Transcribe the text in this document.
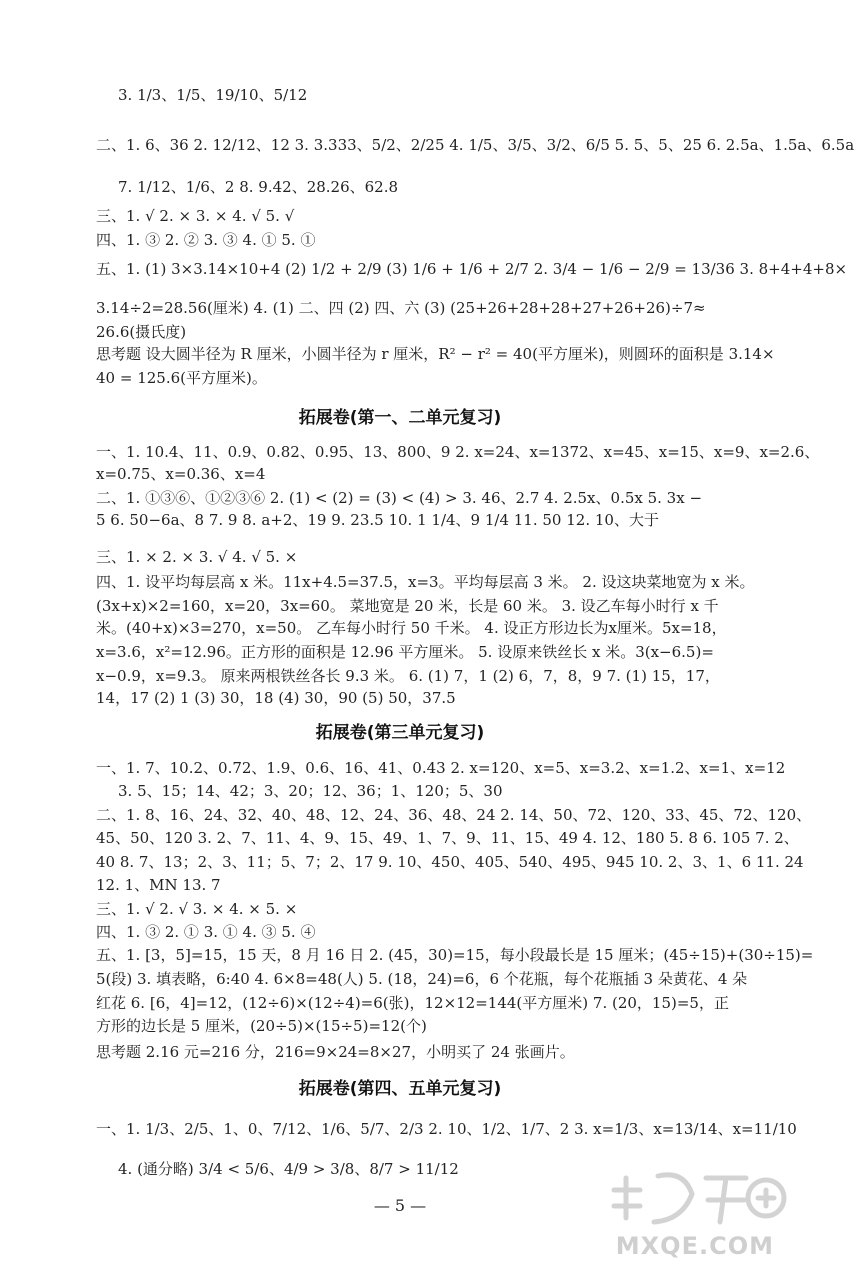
3. 1/3、1/5、19/10、5/12
二、1. 6、36 2. 12/12、12 3. 3.333、5/2、2/25 4. 1/5、3/5、3/2、6/5 5. 5、5、25 6. 2.5a、1.5a、6.5a
7. 1/12、1/6、2 8. 9.42、28.26、62.8
三、1. √ 2. × 3. × 4. √ 5. √
四、1. ③ 2. ② 3. ③ 4. ① 5. ①
五、1. (1) 3×3.14×10+4 (2) 1/2 + 2/9 (3) 1/6 + 1/6 + 2/7 2. 3/4 − 1/6 − 2/9 = 13/36 3. 8+4+4+8×
3.14÷2=28.56(厘米) 4. (1) 二、四 (2) 四、六 (3) (25+26+28+28+27+26+26)÷7≈
26.6(摄氏度)
思考题 设大圆半径为 R 厘米，小圆半径为 r 厘米，R² − r² = 40(平方厘米)，则圆环的面积是 3.14×
40 = 125.6(平方厘米)。
拓展卷(第一、二单元复习)
一、1. 10.4、11、0.9、0.82、0.95、13、800、9 2. x=24、x=1372、x=45、x=15、x=9、x=2.6、
x=0.75、x=0.36、x=4
二、1. ①③⑥、①②③⑥ 2. (1) < (2) = (3) < (4) > 3. 46、2.7 4. 2.5x、0.5x 5. 3x −
5 6. 50−6a、8 7. 9 8. a+2、19 9. 23.5 10. 1 1/4、9 1/4 11. 50 12. 10、大于
三、1. × 2. × 3. √ 4. √ 5. ×
四、1. 设平均每层高 x 米。11x+4.5=37.5，x=3。平均每层高 3 米。 2. 设这块菜地宽为 x 米。
(3x+x)×2=160，x=20，3x=60。 菜地宽是 20 米，长是 60 米。 3. 设乙车每小时行 x 千
米。(40+x)×3=270，x=50。 乙车每小时行 50 千米。 4. 设正方形边长为x厘米。5x=18，
x=3.6，x²=12.96。正方形的面积是 12.96 平方厘米。 5. 设原来铁丝长 x 米。3(x−6.5)=
x−0.9，x=9.3。 原来两根铁丝各长 9.3 米。 6. (1) 7，1 (2) 6，7，8，9 7. (1) 15，17，
14，17 (2) 1 (3) 30，18 (4) 30，90 (5) 50，37.5
拓展卷(第三单元复习)
一、1. 7、10.2、0.72、1.9、0.6、16、41、0.43 2. x=120、x=5、x=3.2、x=1.2、x=1、x=12
3. 5、15；14、42；3、20；12、36；1、120；5、30
二、1. 8、16、24、32、40、48、12、24、36、48、24 2. 14、50、72、120、33、45、72、120、
45、50、120 3. 2、7、11、4、9、15、49、1、7、9、11、15、49 4. 12、180 5. 8 6. 105 7. 2、
40 8. 7、13；2、3、11；5、7；2、17 9. 10、450、405、540、495、945 10. 2、3、1、6 11. 24
12. 1、MN 13. 7
三、1. √ 2. √ 3. × 4. × 5. ×
四、1. ③ 2. ① 3. ① 4. ③ 5. ④
五、1. [3，5]=15，15 天，8 月 16 日 2. (45，30)=15，每小段最长是 15 厘米；(45÷15)+(30÷15)=
5(段) 3. 填表略，6:40 4. 6×8=48(人) 5. (18，24)=6，6 个花瓶，每个花瓶插 3 朵黄花、4 朵
红花 6. [6，4]=12，(12÷6)×(12÷4)=6(张)，12×12=144(平方厘米) 7. (20，15)=5，正
方形的边长是 5 厘米，(20÷5)×(15÷5)=12(个)
思考题 2.16 元=216 分，216=9×24=8×27，小明买了 24 张画片。
拓展卷(第四、五单元复习)
一、1. 1/3、2/5、1、0、7/12、1/6、5/7、2/3 2. 10、1/2、1/7、2 3. x=1/3、x=13/14、x=11/10
4. (通分略) 3/4 < 5/6、4/9 > 3/8、8/7 > 11/12
— 5 —
MXQE.COM
